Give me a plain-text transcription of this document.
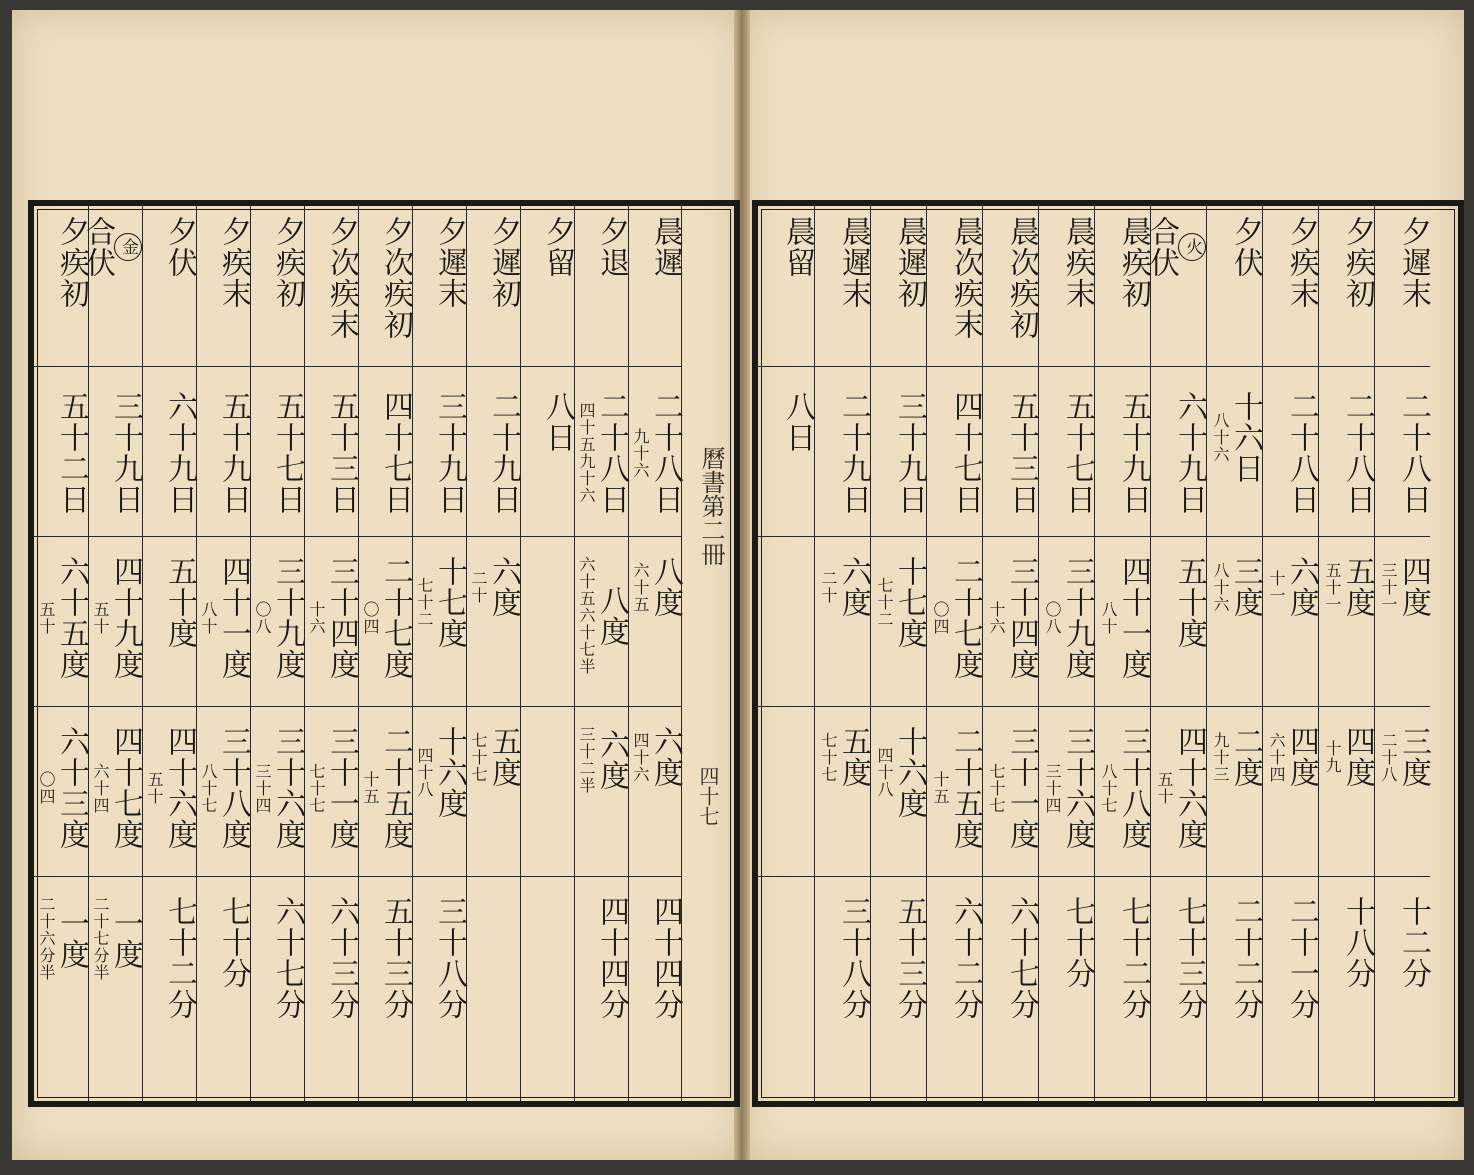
夕疾初
五十二日
六十五度
五十
六十三度
〇四
一度
二十六分半
金
合伏
三十九日
四十九度
五十
四十七度
六十四
一度
二十七分半
夕伏
六十九日
五十度
四十六度
五十
七十二分
夕疾末
五十九日
四十一度
八十
三十八度
八十七
七十分
夕疾初
五十七日
三十九度
〇八
三十六度
三十四
六十七分
夕次疾末
五十三日
三十四度
十六
三十一度
七十七
六十三分
夕次疾初
四十七日
二十七度
〇四
二十五度
十五
五十三分
夕遲末
三十九日
十七度
七十二
十六度
四十八
三十八分
夕遲初
二十九日
六度
二十
五度
七十七
夕留
八日
夕退
二十八日
四十五九十六
八度
六十五六十七半
六度
三十二半
四十四分
晨遲
二十八日
九十六
八度
六十五
六度
四十六
四十四分
曆書第二冊
四十七
晨留
八日
晨遲末
二十九日
六度
二十
五度
七十七
三十八分
晨遲初
三十九日
十七度
七十二
十六度
四十八
五十三分
晨次疾末
四十七日
二十七度
〇四
二十五度
十五
六十二分
晨次疾初
五十三日
三十四度
十六
三十一度
七十七
六十七分
晨疾末
五十七日
三十九度
〇八
三十六度
三十四
七十分
晨疾初
五十九日
四十一度
八十
三十八度
八十七
七十二分
火
合伏
六十九日
五十度
四十六度
五十
七十三分
夕伏
十六日
八十六
三度
八十六
二度
九十三
二十二分
夕疾末
二十八日
六度
十一
四度
六十四
二十一分
夕疾初
二十八日
五度
五十一
四度
十九
十八分
夕遲末
二十八日
四度
三十一
三度
二十八
十二分
